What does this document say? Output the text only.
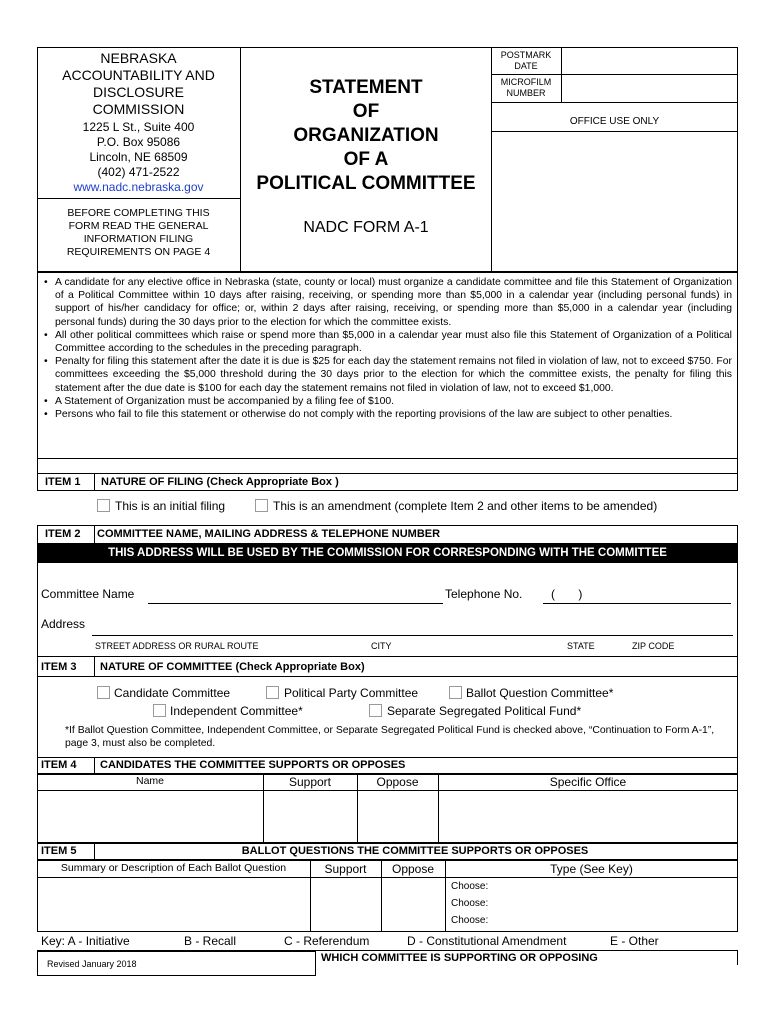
NEBRASKA
ACCOUNTABILITY AND
DISCLOSURE
COMMISSION
1225 L St., Suite 400
P.O. Box 95086
Lincoln, NE 68509
(402) 471-2522
www.nadc.nebraska.gov
BEFORE COMPLETING THIS
FORM READ THE GENERAL
INFORMATION FILING
REQUIREMENTS ON PAGE 4
STATEMENT
OF
ORGANIZATION
OF A
POLITICAL COMMITTEE
NADC FORM A-1
POSTMARK
DATE
MICROFILM
NUMBER
OFFICE USE ONLY
• A candidate for any elective office in Nebraska (state, county or local) must organize a candidate committee and file this Statement of Organization of a Political Committee within 10 days after raising, receiving, or spending more than $5,000 in a calendar year (including personal funds) in support of his/her candidacy for office; or, within 2 days after raising, receiving, or spending more than $5,000 in a calendar year (including personal funds) during the 30 days prior to the election for which the committee exists.
• All other political committees which raise or spend more than $5,000 in a calendar year must also file this Statement of Organization of a Political Committee according to the schedules in the preceding paragraph.
• Penalty for filing this statement after the date it is due is $25 for each day the statement remains not filed in violation of law, not to exceed $750. For committees exceeding the $5,000 threshold during the 30 days prior to the election for which the committee exists, the penalty for filing this statement after the due date is $100 for each day the statement remains not filed in violation of law, not to exceed $1,000.
• A Statement of Organization must be accompanied by a filing fee of $100.
• Persons who fail to file this statement or otherwise do not comply with the reporting provisions of the law are subject to other penalties.
ITEM 1 NATURE OF FILING (Check Appropriate Box )
This is an initial filing	This is an amendment (complete Item 2 and other items to be amended)
ITEM 2 COMMITTEE NAME, MAILING ADDRESS & TELEPHONE NUMBER
THIS ADDRESS WILL BE USED BY THE COMMISSION FOR CORRESPONDING WITH THE COMMITTEE
Committee Name	Telephone No. (       )
Address
STREET ADDRESS OR RURAL ROUTE	CITY	STATE	ZIP CODE
ITEM 3 NATURE OF COMMITTEE (Check Appropriate Box)
Candidate Committee	Political Party Committee	Ballot Question Committee*
Independent Committee*	Separate Segregated Political Fund*
*If Ballot Question Committee, Independent Committee, or Separate Segregated Political Fund is checked above, “Continuation to Form A-1”, page 3, must also be completed.
ITEM 4 CANDIDATES THE COMMITTEE SUPPORTS OR OPPOSES
Name	Support	Oppose	Specific Office
ITEM 5	BALLOT QUESTIONS THE COMMITTEE SUPPORTS OR OPPOSES
Summary or Description of Each Ballot Question	Support	Oppose	Type (See Key)
Choose:
Choose:
Choose:
Key: A - Initiative	B - Recall	C - Referendum	D - Constitutional Amendment	E - Other
Revised January 2018	WHICH COMMITTEE IS SUPPORTING OR OPPOSING
